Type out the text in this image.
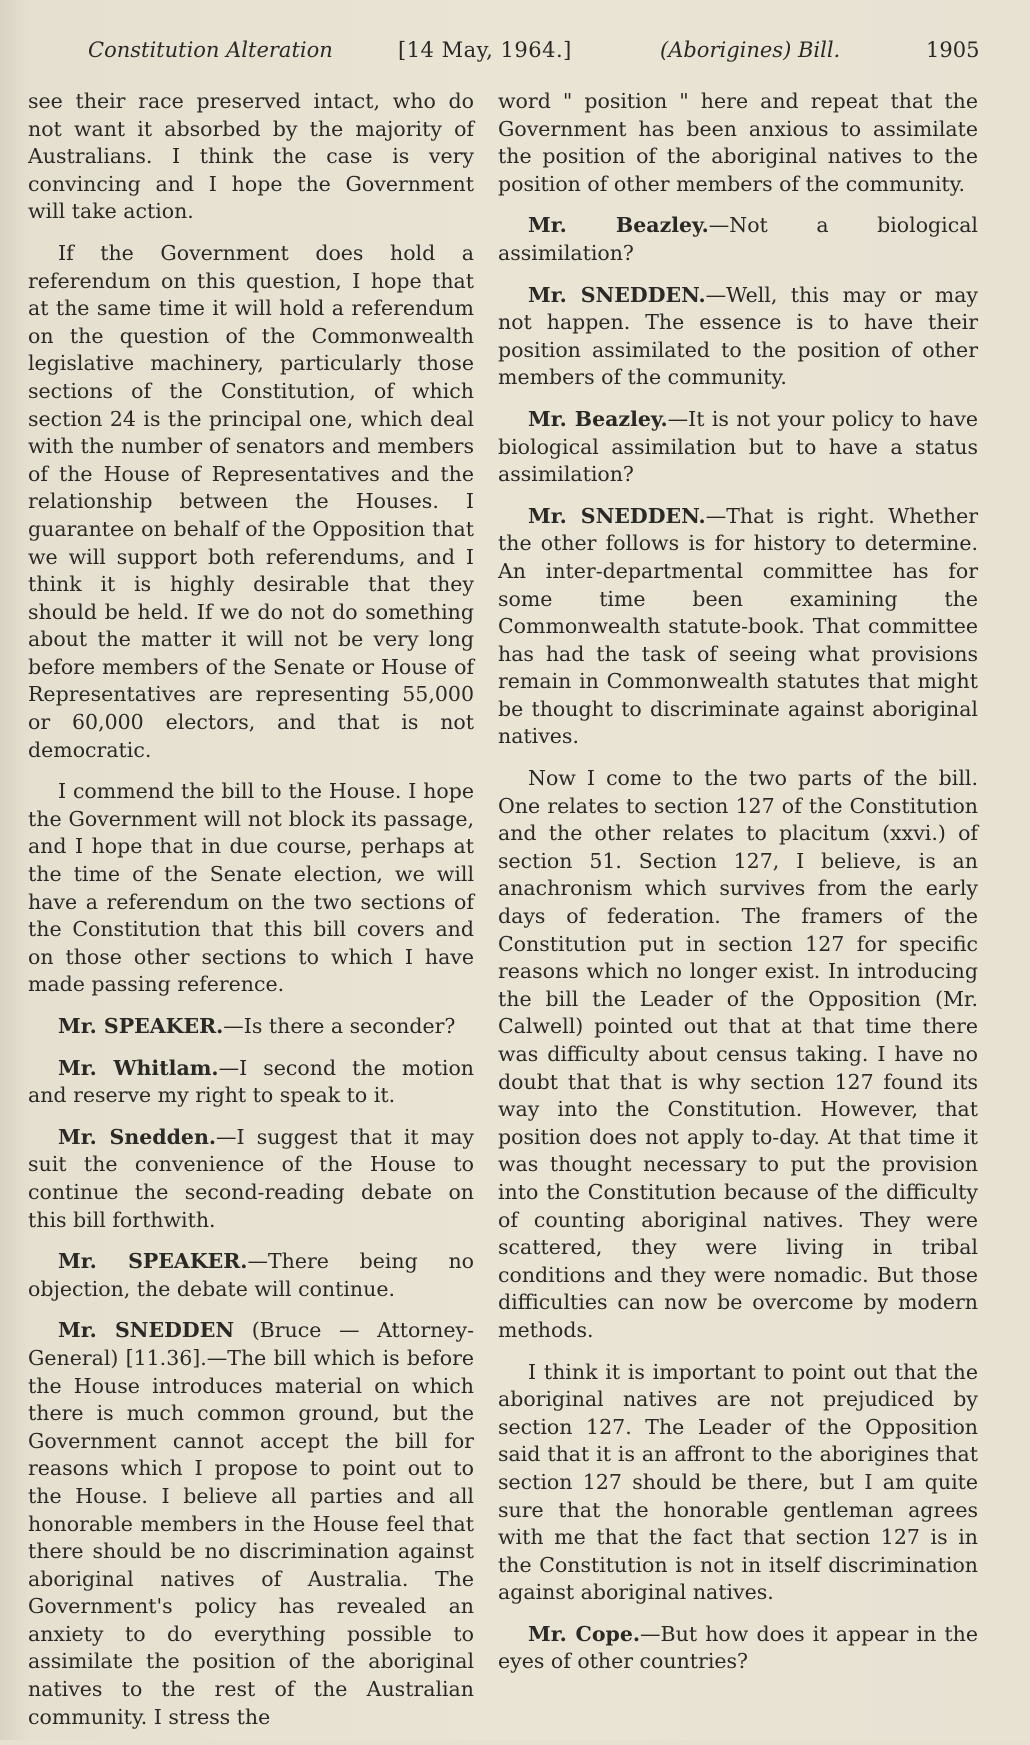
Constitution Alteration	[14 May, 1964.]	(Aborigines) Bill.	1905

see their race preserved intact, who do not want it absorbed by the majority of Australians. I think the case is very convincing and I hope the Government will take action.

If the Government does hold a referendum on this question, I hope that at the same time it will hold a referendum on the question of the Commonwealth legislative machinery, particularly those sections of the Constitution, of which section 24 is the principal one, which deal with the number of senators and members of the House of Representatives and the relationship between the Houses. I guarantee on behalf of the Opposition that we will support both referendums, and I think it is highly desirable that they should be held. If we do not do something about the matter it will not be very long before members of the Senate or House of Representatives are representing 55,000 or 60,000 electors, and that is not democratic.

I commend the bill to the House. I hope the Government will not block its passage, and I hope that in due course, perhaps at the time of the Senate election, we will have a referendum on the two sections of the Constitution that this bill covers and on those other sections to which I have made passing reference.

Mr. SPEAKER.—Is there a seconder?

Mr. Whitlam.—I second the motion and reserve my right to speak to it.

Mr. Snedden.—I suggest that it may suit the convenience of the House to continue the second-reading debate on this bill forthwith.

Mr. SPEAKER.—There being no objection, the debate will continue.

Mr. SNEDDEN (Bruce — Attorney-General) [11.36].—The bill which is before the House introduces material on which there is much common ground, but the Government cannot accept the bill for reasons which I propose to point out to the House. I believe all parties and all honorable members in the House feel that there should be no discrimination against aboriginal natives of Australia. The Government's policy has revealed an anxiety to do everything possible to assimilate the position of the aboriginal natives to the rest of the Australian community. I stress the

word " position " here and repeat that the Government has been anxious to assimilate the position of the aboriginal natives to the position of other members of the community.

Mr. Beazley.—Not a biological assimilation?

Mr. SNEDDEN.—Well, this may or may not happen. The essence is to have their position assimilated to the position of other members of the community.

Mr. Beazley.—It is not your policy to have biological assimilation but to have a status assimilation?

Mr. SNEDDEN.—That is right. Whether the other follows is for history to determine. An inter-departmental committee has for some time been examining the Commonwealth statute-book. That committee has had the task of seeing what provisions remain in Commonwealth statutes that might be thought to discriminate against aboriginal natives.

Now I come to the two parts of the bill. One relates to section 127 of the Constitution and the other relates to placitum (xxvi.) of section 51. Section 127, I believe, is an anachronism which survives from the early days of federation. The framers of the Constitution put in section 127 for specific reasons which no longer exist. In introducing the bill the Leader of the Opposition (Mr. Calwell) pointed out that at that time there was difficulty about census taking. I have no doubt that that is why section 127 found its way into the Constitution. However, that position does not apply to-day. At that time it was thought necessary to put the provision into the Constitution because of the difficulty of counting aboriginal natives. They were scattered, they were living in tribal conditions and they were nomadic. But those difficulties can now be overcome by modern methods.

I think it is important to point out that the aboriginal natives are not prejudiced by section 127. The Leader of the Opposition said that it is an affront to the aborigines that section 127 should be there, but I am quite sure that the honorable gentleman agrees with me that the fact that section 127 is in the Constitution is not in itself discrimination against aboriginal natives.

Mr. Cope.—But how does it appear in the eyes of other countries?
